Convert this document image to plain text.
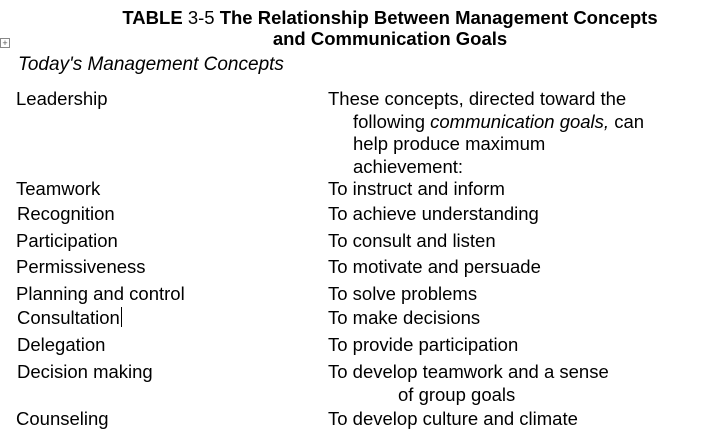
TABLE 3-5 The Relationship Between Management Concepts
and Communication Goals
+
Today's Management Concepts
Leadership	These concepts, directed toward the
following communication goals, can
help produce maximum
achievement:
Teamwork	To instruct and inform
Recognition	To achieve understanding
Participation	To consult and listen
Permissiveness	To motivate and persuade
Planning and control	To solve problems
Consultation	To make decisions
Delegation	To provide participation
Decision making	To develop teamwork and a sense
of group goals
Counseling	To develop culture and climate
